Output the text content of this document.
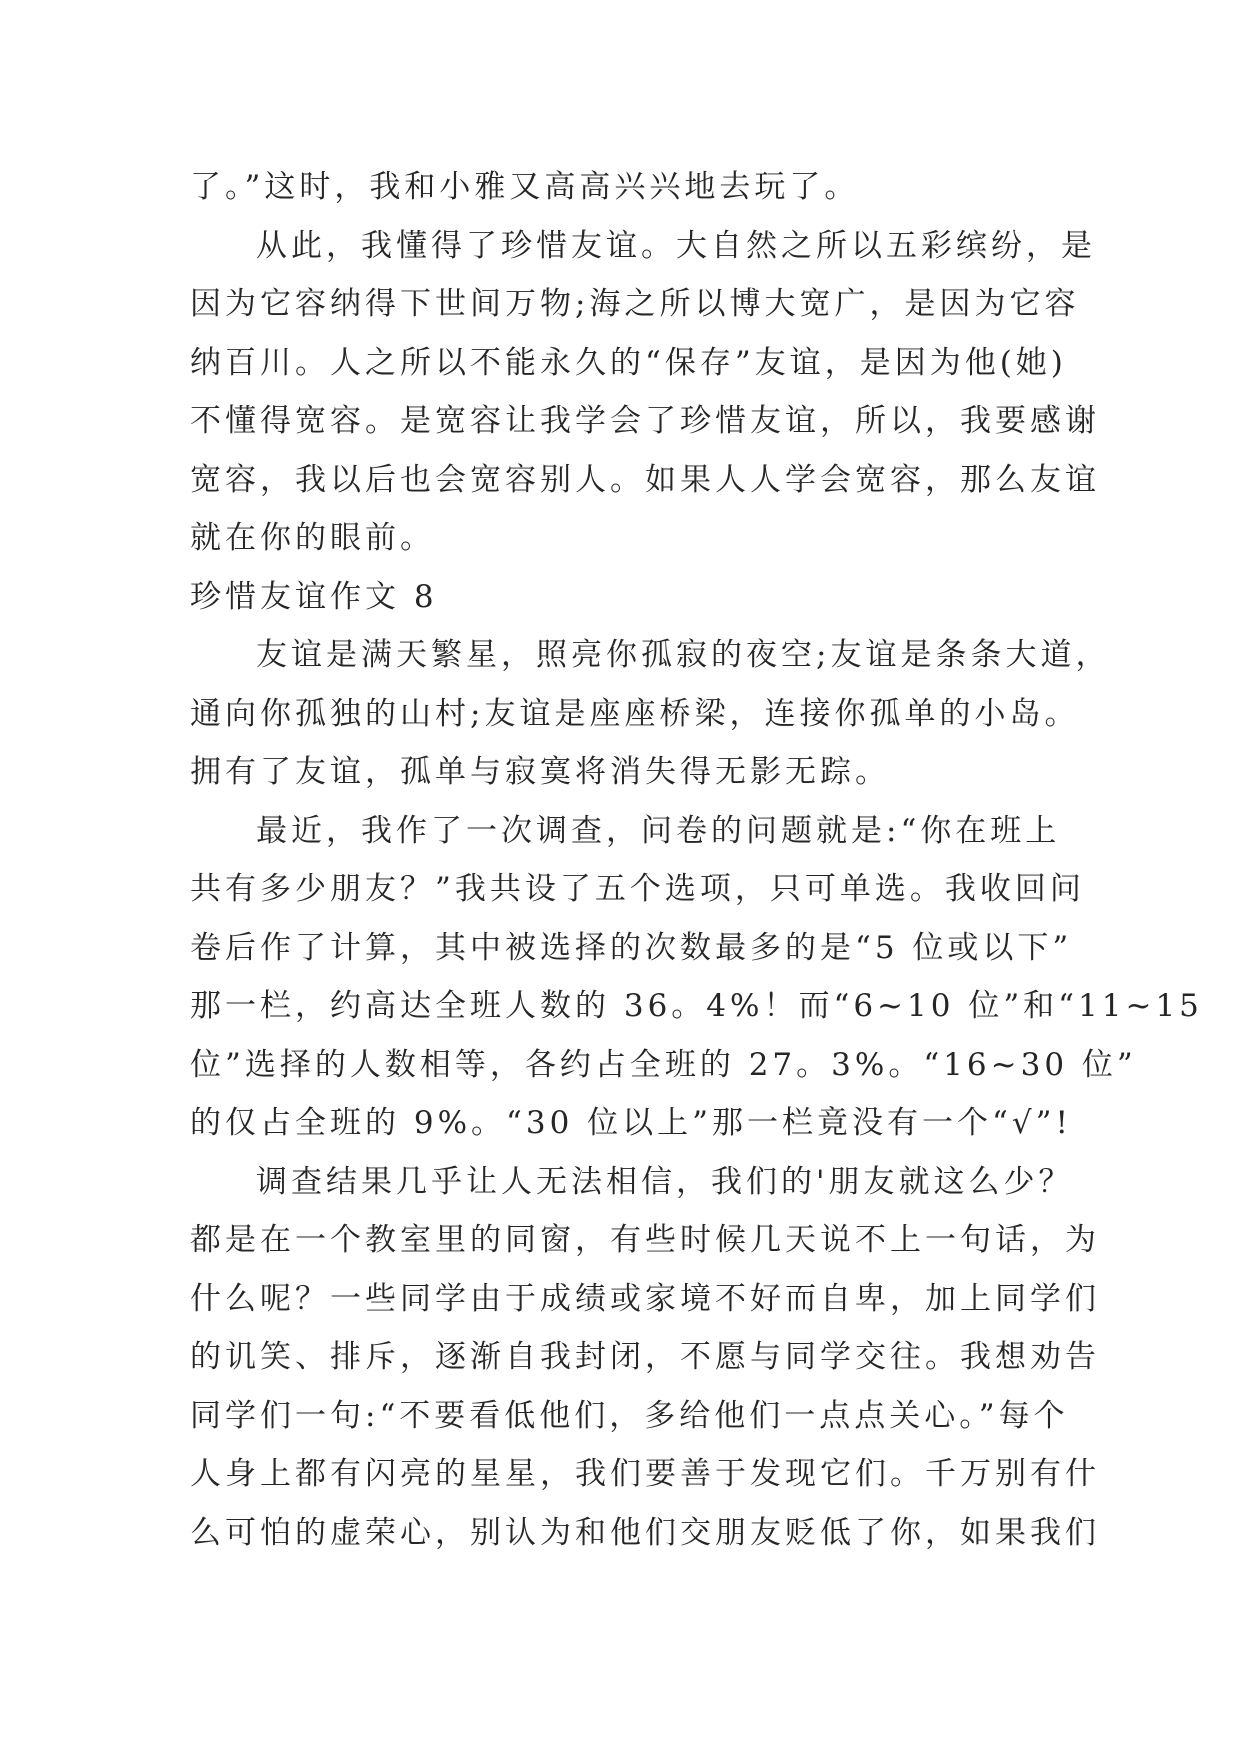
了。”这时，我和小雅又高高兴兴地去玩了。
从此，我懂得了珍惜友谊。大自然之所以五彩缤纷，是
因为它容纳得下世间万物;海之所以博大宽广，是因为它容
纳百川。人之所以不能永久的“保存”友谊，是因为他(她)
不懂得宽容。是宽容让我学会了珍惜友谊，所以，我要感谢
宽容，我以后也会宽容别人。如果人人学会宽容，那么友谊
就在你的眼前。
珍惜友谊作文 8
友谊是满天繁星，照亮你孤寂的夜空;友谊是条条大道，
通向你孤独的山村;友谊是座座桥梁，连接你孤单的小岛。
拥有了友谊，孤单与寂寞将消失得无影无踪。
最近，我作了一次调查，问卷的问题就是:“你在班上
共有多少朋友？”我共设了五个选项，只可单选。我收回问
卷后作了计算，其中被选择的次数最多的是“5 位或以下”
那一栏，约高达全班人数的 36。4%！而“6~10 位”和“11~15
位”选择的人数相等，各约占全班的 27。3%。“16~30 位”
的仅占全班的 9%。“30 位以上”那一栏竟没有一个“√”!
调查结果几乎让人无法相信，我们的'朋友就这么少？
都是在一个教室里的同窗，有些时候几天说不上一句话，为
什么呢？一些同学由于成绩或家境不好而自卑，加上同学们
的讥笑、排斥，逐渐自我封闭，不愿与同学交往。我想劝告
同学们一句:“不要看低他们，多给他们一点点关心。”每个
人身上都有闪亮的星星，我们要善于发现它们。千万别有什
么可怕的虚荣心，别认为和他们交朋友贬低了你，如果我们
